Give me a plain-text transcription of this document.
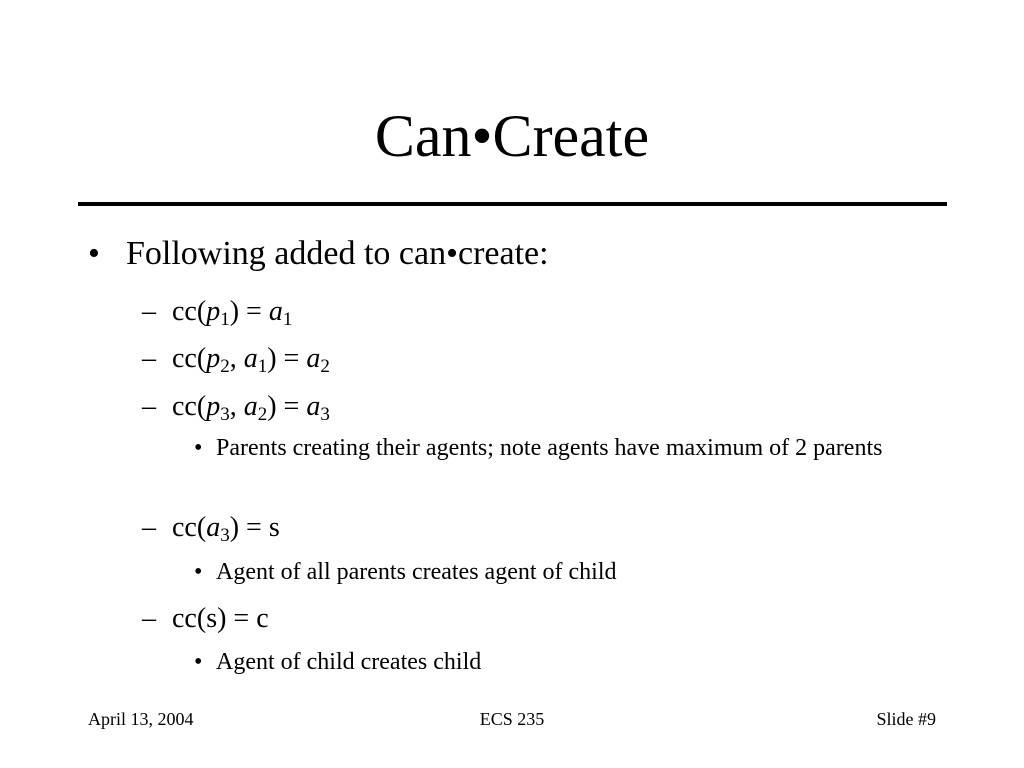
Can•Create
• Following added to can•create:
– $cc(p_1) = a_1$
– $cc(p_2$, $a_1) = a_2$
– $cc(p_3$, $a_2) = a_3$
• Parents creating their agents; note agents have maximum of 2 parents
– $cc(a_3) = s$
• Agent of all parents creates agent of child
– cc(s) = c
• Agent of child creates child
April 13, 2004	ECS 235	Slide #9
